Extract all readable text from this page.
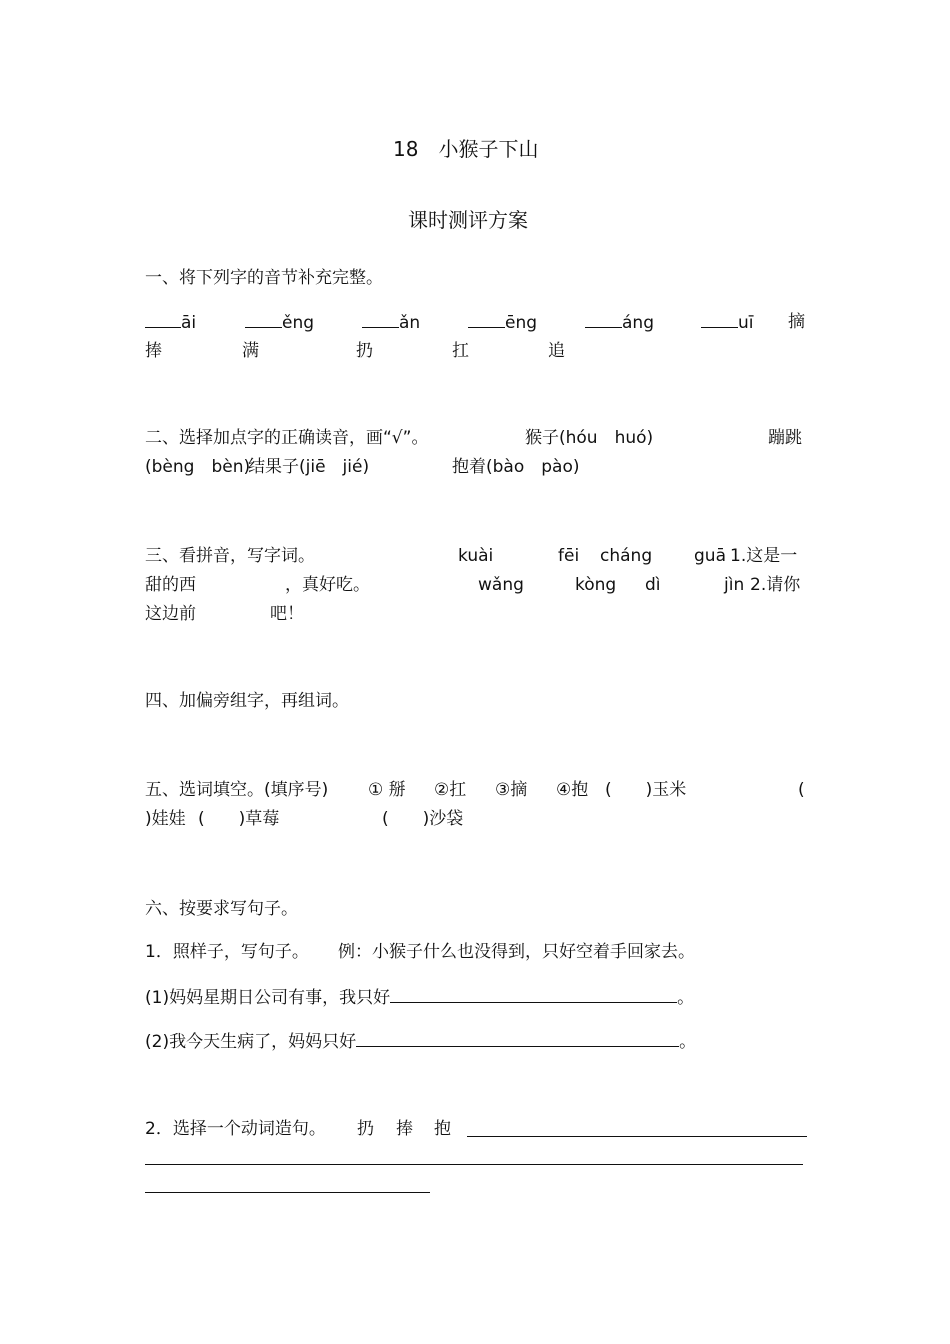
18　小猴子下山
课时测评方案
一、将下列字的音节补充完整。
āi	ěng	ǎn	ēng	áng	uī 摘
捧	满	扔	扛	追
二、选择加点字的正确读音，画“√”。	猴子(hóu　huó)	蹦跳
(bèng　bèn)
结果子(jiē　jié)	抱着(bào　pào)
三、看拼音，写字词。	kuài	fēi cháng guā 1.这是一
甜的西	，真好吃。	wǎng	kòng dì	jìn 2.请你
这边前	吧！
四、加偏旁组字，再组词。
五、选词填空。(填序号) ① 掰 ②扛 ③摘 ④抱 (　　)玉米	(
)娃娃 (　　)草莓	(　　)沙袋
六、按要求写句子。
1．照样子，写句子。 例：小猴子什么也没得到，只好空着手回家去。
(1)妈妈星期日公司有事，我只好	。
(2)我今天生病了，妈妈只好	。
2．选择一个动词造句。 扔 捧 抱
